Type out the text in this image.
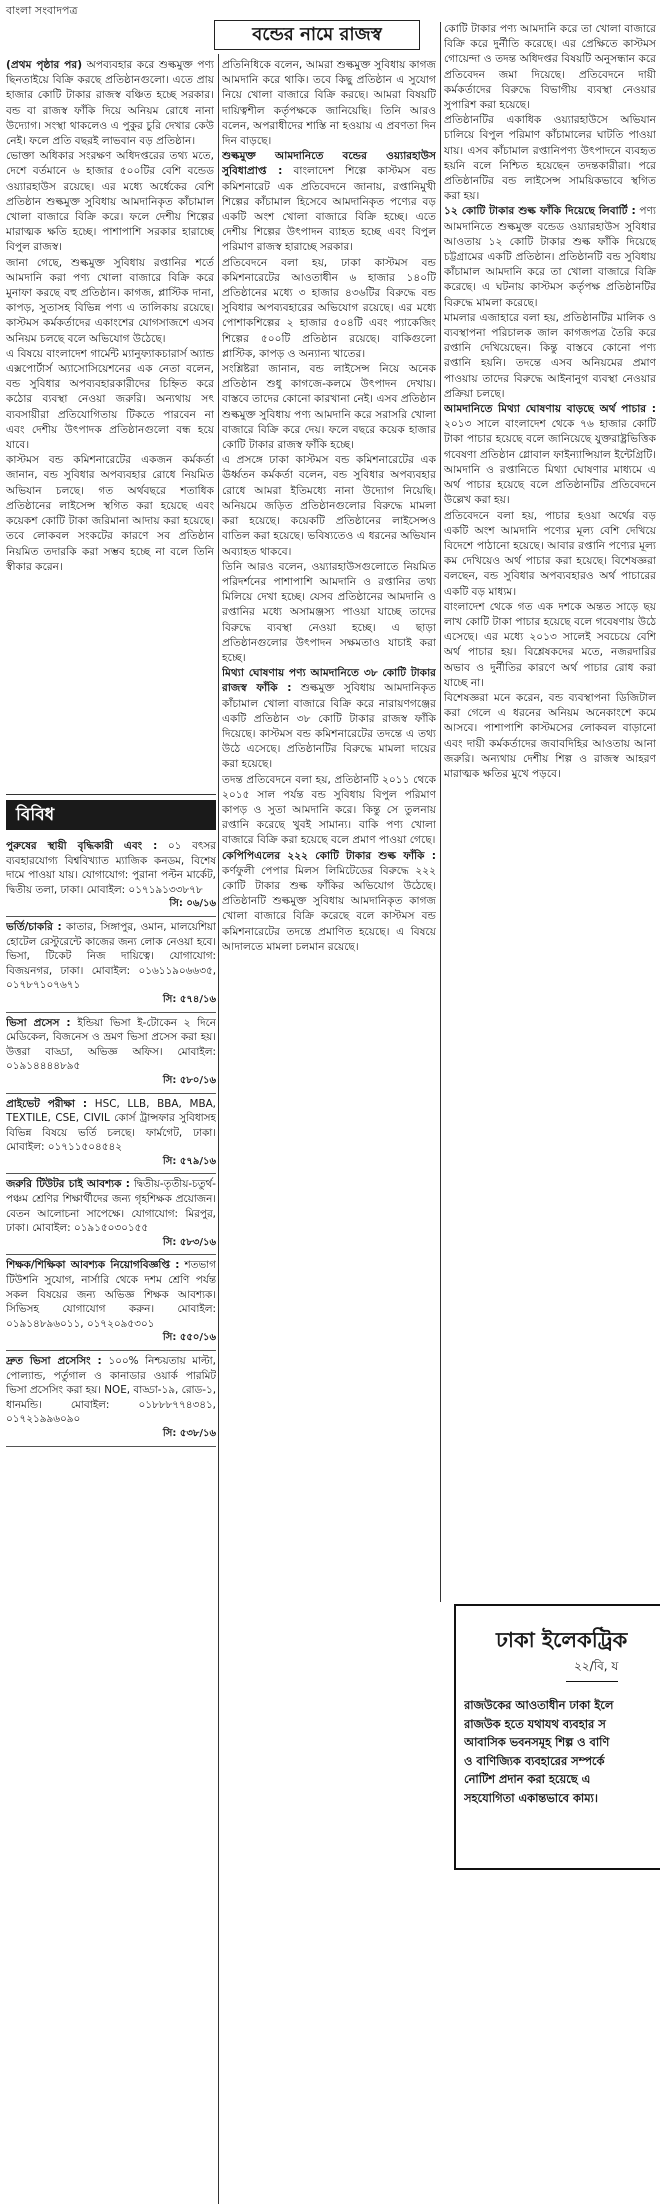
বাংলা সংবাদপত্র
বন্ডের নামে রাজস্ব

(প্রথম পৃষ্ঠার পর) অপব্যবহার করে শুল্কমুক্ত পণ্য ছিনতাইয়ে বিক্রি করছে প্রতিষ্ঠানগুলো। এতে প্রায় হাজার কোটি টাকার রাজস্ব বঞ্চিত হচ্ছে সরকার। বন্ড বা রাজস্ব ফাঁকি দিয়ে অনিয়ম রোধে নানা উদ্যোগ। সংস্থা থাকলেও এ পুকুর চুরি দেখার কেউ নেই। ফলে প্রতি বছরই লাভবান বড় প্রতিষ্ঠান।

ভোক্তা অধিকার সংরক্ষণ অধিদপ্তরের তথ্য মতে, দেশে বর্তমানে ৬ হাজার ৫০০টির বেশি বন্ডেড ওয়্যারহাউস রয়েছে। এর মধ্যে অর্ধেকের বেশি প্রতিষ্ঠান শুল্কমুক্ত সুবিধায় আমদানিকৃত কাঁচামাল খোলা বাজারে বিক্রি করে। ফলে দেশীয় শিল্পের মারাত্মক ক্ষতি হচ্ছে। পাশাপাশি সরকার হারাচ্ছে বিপুল রাজস্ব।

জানা গেছে, শুল্কমুক্ত সুবিধায় রপ্তানির শর্তে আমদানি করা পণ্য খোলা বাজারে বিক্রি করে মুনাফা করছে বহু প্রতিষ্ঠান। কাগজ, প্লাস্টিক দানা, কাপড়, সুতাসহ বিভিন্ন পণ্য এ তালিকায় রয়েছে। কাস্টমস কর্মকর্তাদের একাংশের যোগসাজশে এসব অনিয়ম চলছে বলে অভিযোগ উঠেছে।

এ বিষয়ে বাংলাদেশ গার্মেন্ট ম্যানুফ্যাকচারার্স অ্যান্ড এক্সপোর্টার্স অ্যাসোসিয়েশনের এক নেতা বলেন, বন্ড সুবিধার অপব্যবহারকারীদের চিহ্নিত করে কঠোর ব্যবস্থা নেওয়া জরুরি। অন্যথায় সৎ ব্যবসায়ীরা প্রতিযোগিতায় টিকতে পারবেন না এবং দেশীয় উৎপাদক প্রতিষ্ঠানগুলো বন্ধ হয়ে যাবে।

কাস্টমস বন্ড কমিশনারেটের একজন কর্মকর্তা জানান, বন্ড সুবিধার অপব্যবহার রোধে নিয়মিত অভিযান চলছে। গত অর্থবছরে শতাধিক প্রতিষ্ঠানের লাইসেন্স স্থগিত করা হয়েছে এবং কয়েকশ কোটি টাকা জরিমানা আদায় করা হয়েছে। তবে লোকবল সংকটের কারণে সব প্রতিষ্ঠান নিয়মিত তদারকি করা সম্ভব হচ্ছে না বলে তিনি স্বীকার করেন।

বিবিধ
পুরুষের স্থায়ী বৃদ্ধিকারী এবং : ০১ বৎসর ব্যবহারযোগ্য বিশ্ববিখ্যাত ম্যাজিক কনডম, বিশেষ দামে পাওয়া যায়। যোগাযোগ: পুরানা পল্টন মার্কেট, দ্বিতীয় তলা, ঢাকা। মোবাইল: ০১৭১৯১৩৩৮৭৮
সি: ০৬/১৬
ভর্তি/চাকরি : কাতার, সিঙ্গাপুর, ওমান, মালয়েশিয়া হোটেল রেস্টুরেন্টে কাজের জন্য লোক নেওয়া হবে। ভিসা, টিকেট নিজ দায়িত্বে। যোগাযোগ: বিজয়নগর, ঢাকা। মোবাইল: ০১৬১১৯০৬৬৩৫, ০১৭৮৭১০৭৬৭১
সি: ৫৭৪/১৬
ভিসা প্রসেস : ইন্ডিয়া ভিসা ই-টোকেন ২ দিনে মেডিকেল, বিজনেস ও ভ্রমণ ভিসা প্রসেস করা হয়। উত্তরা বাড্ডা, অভিজ্ঞ অফিস। মোবাইল: ০১৯১৪৪৪৪৮৯৫
সি: ৫৮০/১৬
প্রাইভেট পরীক্ষা : HSC, LLB, BBA, MBA, TEXTILE, CSE, CIVIL কোর্স ট্রান্সফার সুবিধাসহ বিভিন্ন বিষয়ে ভর্তি চলছে। ফার্মগেট, ঢাকা। মোবাইল: ০১৭১১৫০৪৫৪২
সি: ৫৭৯/১৬
জরুরি টিউটর চাই আবশ্যক : দ্বিতীয়-তৃতীয়-চতুর্থ-পঞ্চম শ্রেণির শিক্ষার্থীদের জন্য গৃহশিক্ষক প্রয়োজন। বেতন আলোচনা সাপেক্ষে। যোগাযোগ: মিরপুর, ঢাকা। মোবাইল: ০১৯১৫০৩০১৫৫
সি: ৫৮৩/১৬
শিক্ষক/শিক্ষিকা আবশ্যক নিয়োগবিজ্ঞপ্তি : শতভাগ টিউশনি সুযোগ, নার্সারি থেকে দশম শ্রেণি পর্যন্ত সকল বিষয়ের জন্য অভিজ্ঞ শিক্ষক আবশ্যক। সিভিসহ যোগাযোগ করুন। মোবাইল: ০১৯১৪৮৯৬০১১, ০১৭২০৯৫৩০১
সি: ৫৫০/১৬
দ্রুত ভিসা প্রসেসিং : ১০০% নিশ্চয়তায় মাল্টা, পোল্যান্ড, পর্তুগাল ও কানাডার ওয়ার্ক পারমিট ভিসা প্রসেসিং করা হয়। NOE, বাড্ডা-১৯, রোড-১, ধানমন্ডি। মোবাইল: ০১৮৮৮৭৭৪৩৪১, ০১৭২১৯৯৬০৯০
সি: ৫৩৮/১৬

প্রতিনিধিকে বলেন, আমরা শুল্কমুক্ত সুবিধায় কাগজ আমদানি করে থাকি। তবে কিছু প্রতিষ্ঠান এ সুযোগ নিয়ে খোলা বাজারে বিক্রি করছে। আমরা বিষয়টি দায়িত্বশীল কর্তৃপক্ষকে জানিয়েছি। তিনি আরও বলেন, অপরাধীদের শাস্তি না হওয়ায় এ প্রবণতা দিন দিন বাড়ছে।

শুল্কমুক্ত আমদানিতে বন্ডের ওয়্যারহাউস সুবিধাপ্রাপ্ত : বাংলাদেশ শিল্পে কাস্টমস বন্ড কমিশনারেট এক প্রতিবেদনে জানায়, রপ্তানিমুখী শিল্পের কাঁচামাল হিসেবে আমদানিকৃত পণ্যের বড় একটি অংশ খোলা বাজারে বিক্রি হচ্ছে। এতে দেশীয় শিল্পের উৎপাদন ব্যাহত হচ্ছে এবং বিপুল পরিমাণ রাজস্ব হারাচ্ছে সরকার।

প্রতিবেদনে বলা হয়, ঢাকা কাস্টমস বন্ড কমিশনারেটের আওতাধীন ৬ হাজার ১৪০টি প্রতিষ্ঠানের মধ্যে ৩ হাজার ৪৩৬টির বিরুদ্ধে বন্ড সুবিধার অপব্যবহারের অভিযোগ রয়েছে। এর মধ্যে পোশাকশিল্পের ২ হাজার ৫০৪টি এবং প্যাকেজিং শিল্পের ৫০০টি প্রতিষ্ঠান রয়েছে। বাকিগুলো প্লাস্টিক, কাপড় ও অন্যান্য খাতের।

সংশ্লিষ্টরা জানান, বন্ড লাইসেন্স নিয়ে অনেক প্রতিষ্ঠান শুধু কাগজে-কলমে উৎপাদন দেখায়। বাস্তবে তাদের কোনো কারখানা নেই। এসব প্রতিষ্ঠান শুল্কমুক্ত সুবিধায় পণ্য আমদানি করে সরাসরি খোলা বাজারে বিক্রি করে দেয়। ফলে বছরে কয়েক হাজার কোটি টাকার রাজস্ব ফাঁকি হচ্ছে।

এ প্রসঙ্গে ঢাকা কাস্টমস বন্ড কমিশনারেটের এক ঊর্ধ্বতন কর্মকর্তা বলেন, বন্ড সুবিধার অপব্যবহার রোধে আমরা ইতিমধ্যে নানা উদ্যোগ নিয়েছি। অনিয়মে জড়িত প্রতিষ্ঠানগুলোর বিরুদ্ধে মামলা করা হয়েছে। কয়েকটি প্রতিষ্ঠানের লাইসেন্সও বাতিল করা হয়েছে। ভবিষ্যতেও এ ধরনের অভিযান অব্যাহত থাকবে।

তিনি আরও বলেন, ওয়্যারহাউসগুলোতে নিয়মিত পরিদর্শনের পাশাপাশি আমদানি ও রপ্তানির তথ্য মিলিয়ে দেখা হচ্ছে। যেসব প্রতিষ্ঠানের আমদানি ও রপ্তানির মধ্যে অসামঞ্জস্য পাওয়া যাচ্ছে তাদের বিরুদ্ধে ব্যবস্থা নেওয়া হচ্ছে। এ ছাড়া প্রতিষ্ঠানগুলোর উৎপাদন সক্ষমতাও যাচাই করা হচ্ছে।

মিথ্যা ঘোষণায় পণ্য আমদানিতে ৩৮ কোটি টাকার রাজস্ব ফাঁকি : শুল্কমুক্ত সুবিধায় আমদানিকৃত কাঁচামাল খোলা বাজারে বিক্রি করে নারায়ণগঞ্জের একটি প্রতিষ্ঠান ৩৮ কোটি টাকার রাজস্ব ফাঁকি দিয়েছে। কাস্টমস বন্ড কমিশনারেটের তদন্তে এ তথ্য উঠে এসেছে। প্রতিষ্ঠানটির বিরুদ্ধে মামলা দায়ের করা হয়েছে।

তদন্ত প্রতিবেদনে বলা হয়, প্রতিষ্ঠানটি ২০১১ থেকে ২০১৫ সাল পর্যন্ত বন্ড সুবিধায় বিপুল পরিমাণ কাপড় ও সুতা আমদানি করে। কিন্তু সে তুলনায় রপ্তানি করেছে খুবই সামান্য। বাকি পণ্য খোলা বাজারে বিক্রি করা হয়েছে বলে প্রমাণ পাওয়া গেছে।

কেপিপিএলের ২২২ কোটি টাকার শুল্ক ফাঁকি : কর্ণফুলী পেপার মিলস লিমিটেডের বিরুদ্ধে ২২২ কোটি টাকার শুল্ক ফাঁকির অভিযোগ উঠেছে। প্রতিষ্ঠানটি শুল্কমুক্ত সুবিধায় আমদানিকৃত কাগজ খোলা বাজারে বিক্রি করেছে বলে কাস্টমস বন্ড কমিশনারেটের তদন্তে প্রমাণিত হয়েছে। এ বিষয়ে আদালতে মামলা চলমান রয়েছে।

কোটি টাকার পণ্য আমদানি করে তা খোলা বাজারে বিক্রি করে দুর্নীতি করেছে। এর প্রেক্ষিতে কাস্টমস গোয়েন্দা ও তদন্ত অধিদপ্তর বিষয়টি অনুসন্ধান করে প্রতিবেদন জমা দিয়েছে। প্রতিবেদনে দায়ী কর্মকর্তাদের বিরুদ্ধে বিভাগীয় ব্যবস্থা নেওয়ার সুপারিশ করা হয়েছে।

প্রতিষ্ঠানটির একাধিক ওয়্যারহাউসে অভিযান চালিয়ে বিপুল পরিমাণ কাঁচামালের ঘাটতি পাওয়া যায়। এসব কাঁচামাল রপ্তানিপণ্য উৎপাদনে ব্যবহৃত হয়নি বলে নিশ্চিত হয়েছেন তদন্তকারীরা। পরে প্রতিষ্ঠানটির বন্ড লাইসেন্স সাময়িকভাবে স্থগিত করা হয়।

১২ কোটি টাকার শুল্ক ফাঁকি দিয়েছে লিবার্টি : পণ্য আমদানিতে শুল্কমুক্ত বন্ডেড ওয়্যারহাউস সুবিধার আওতায় ১২ কোটি টাকার শুল্ক ফাঁকি দিয়েছে চট্টগ্রামের একটি প্রতিষ্ঠান। প্রতিষ্ঠানটি বন্ড সুবিধায় কাঁচামাল আমদানি করে তা খোলা বাজারে বিক্রি করেছে। এ ঘটনায় কাস্টমস কর্তৃপক্ষ প্রতিষ্ঠানটির বিরুদ্ধে মামলা করেছে।

মামলার এজাহারে বলা হয়, প্রতিষ্ঠানটির মালিক ও ব্যবস্থাপনা পরিচালক জাল কাগজপত্র তৈরি করে রপ্তানি দেখিয়েছেন। কিন্তু বাস্তবে কোনো পণ্য রপ্তানি হয়নি। তদন্তে এসব অনিয়মের প্রমাণ পাওয়ায় তাদের বিরুদ্ধে আইনানুগ ব্যবস্থা নেওয়ার প্রক্রিয়া চলছে।

আমদানিতে মিথ্যা ঘোষণায় বাড়ছে অর্থ পাচার : ২০১৩ সালে বাংলাদেশ থেকে ৭৬ হাজার কোটি টাকা পাচার হয়েছে বলে জানিয়েছে যুক্তরাষ্ট্রভিত্তিক গবেষণা প্রতিষ্ঠান গ্লোবাল ফাইন্যান্সিয়াল ইন্টেগ্রিটি। আমদানি ও রপ্তানিতে মিথ্যা ঘোষণার মাধ্যমে এ অর্থ পাচার হয়েছে বলে প্রতিষ্ঠানটির প্রতিবেদনে উল্লেখ করা হয়।

প্রতিবেদনে বলা হয়, পাচার হওয়া অর্থের বড় একটি অংশ আমদানি পণ্যের মূল্য বেশি দেখিয়ে বিদেশে পাঠানো হয়েছে। আবার রপ্তানি পণ্যের মূল্য কম দেখিয়েও অর্থ পাচার করা হয়েছে। বিশেষজ্ঞরা বলছেন, বন্ড সুবিধার অপব্যবহারও অর্থ পাচারের একটি বড় মাধ্যম।

বাংলাদেশ থেকে গত এক দশকে অন্তত সাড়ে ছয় লাখ কোটি টাকা পাচার হয়েছে বলে গবেষণায় উঠে এসেছে। এর মধ্যে ২০১৩ সালেই সবচেয়ে বেশি অর্থ পাচার হয়। বিশ্লেষকদের মতে, নজরদারির অভাব ও দুর্নীতির কারণে অর্থ পাচার রোধ করা যাচ্ছে না।

বিশেষজ্ঞরা মনে করেন, বন্ড ব্যবস্থাপনা ডিজিটাল করা গেলে এ ধরনের অনিয়ম অনেকাংশে কমে আসবে। পাশাপাশি কাস্টমসের লোকবল বাড়ানো এবং দায়ী কর্মকর্তাদের জবাবদিহির আওতায় আনা জরুরি। অন্যথায় দেশীয় শিল্প ও রাজস্ব আহরণ মারাত্মক ক্ষতির মুখে পড়বে।

ঢাকা ইলেকট্রিক
২২/বি, য
রাজউকের আওতাধীন ঢাকা ইলে
রাজউক হতে যথাযথ ব্যবহার স
আবাসিক ভবনসমূহ শিল্প ও বাণি
ও বাণিজ্যিক ব্যবহারের সম্পর্কে
নোটিশ প্রদান করা হয়েছে এ
সহযোগিতা একান্তভাবে কাম্য।
